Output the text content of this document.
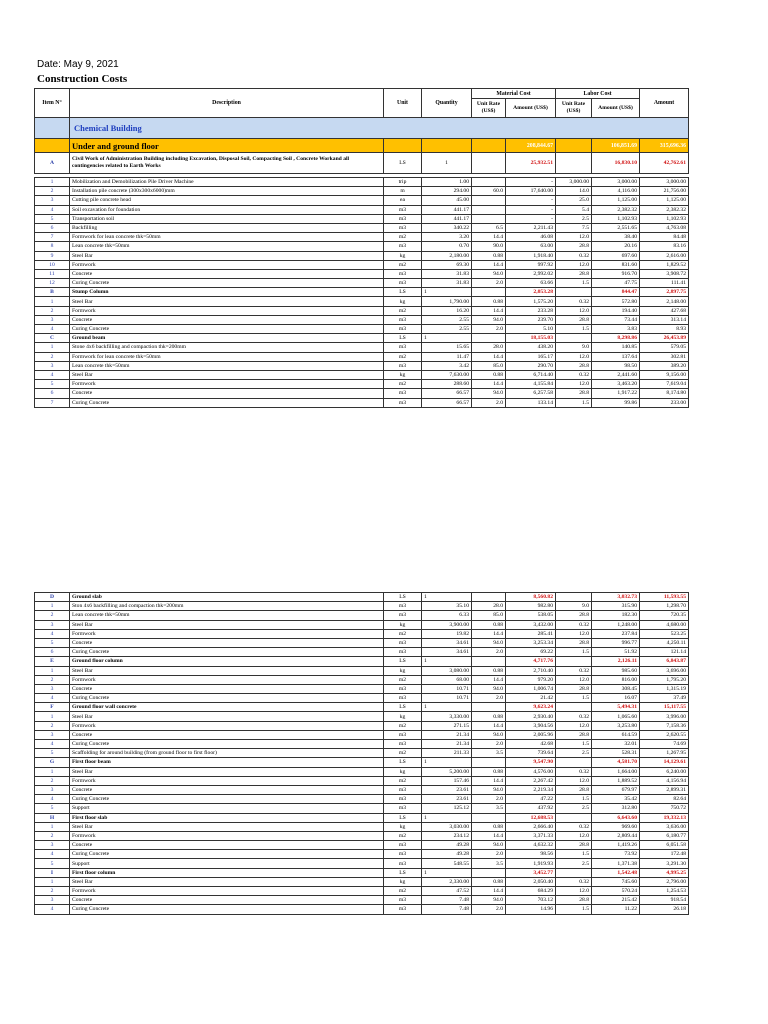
Date: May 9, 2021
Construction Costs
Item N°	Description	Unit	Quantity	Material Cost		Labor Cost		Amount
				Unit Rate (US$)	Amount (US$)	Unit Rate (US$)	Amount (US$)	
	Chemical Building							
	Under and ground floor				208,844.67		106,851.69	315,696.36
A	Civil Work of Administration Building including Excavation, Disposal Soil, Compacting Soil , Concrete Workand all contingencies related to Earth Works	LS	1		25,932.51		16,830.10	42,762.61

1	Mobilization and Demobilization Pile Driver Machine	trip	1.00		-	3,000.00	3,000.00	3,000.00
2	Installation pile concrete (300x300x6000)mm	m	294.00	60.0	17,640.00	14.0	4,116.00	21,756.00
3	Cutting pile concrete head	ea	45.00		-	25.0	1,125.00	1,125.00
4	Soil excavation for foundation	m3	441.17		-	5.4	2,382.32	2,382.32
5	Transportation soil	m3	441.17		-	2.5	1,102.93	1,102.93
6	Backfilling	m3	340.22	6.5	2,211.43	7.5	2,551.65	4,763.08
7	Formwork for lean concrete thk=50mm	m2	3.20	14.4	46.08	12.0	38.40	84.48
8	Lean concrete thk=50mm	m3	0.70	90.0	63.00	28.8	20.16	83.16
9	Steel Bar	kg	2,180.00	0.88	1,918.40	0.32	697.60	2,616.00
10	Formwork	m2	69.30	14.4	997.92	12.0	831.60	1,829.52
11	Concrete	m3	31.83	94.0	2,992.02	28.8	916.70	3,908.72
12	Curing Concrete	m3	31.83	2.0	63.66	1.5	47.75	111.41
B	Stump Column	LS	1		2,053.28		844.47	2,897.75
1	Steel Bar	kg	1,790.00	0.88	1,575.20	0.32	572.80	2,148.00
2	Formwork	m2	16.20	14.4	233.28	12.0	194.40	427.68
3	Concrete	m3	2.55	94.0	239.70	28.8	73.44	313.14
4	Curing Concrete	m3	2.55	2.0	5.10	1.5	3.83	8.93
C	Ground beam	LS	1		18,155.03		8,298.86	26,453.89
1	Stone 4x6 backfilling and compaction thk=200mm	m3	15.65	28.0	438.20	9.0	140.85	579.05
2	Formwork for lean concrete thk=50mm	m2	11.47	14.4	165.17	12.0	137.64	302.81
3	Lean concrete thk=50mm	m3	3.42	85.0	290.70	28.8	98.50	389.20
4	Steel Bar	kg	7,630.00	0.88	6,714.40	0.32	2,441.60	9,156.00
5	Formwork	m2	288.60	14.4	4,155.84	12.0	3,463.20	7,619.04
6	Concrete	m3	66.57	94.0	6,257.58	28.8	1,917.22	8,174.80
7	Curing Concrete	m3	66.57	2.0	133.14	1.5	99.86	233.00
D	Ground slab	LS	1		8,560.82		3,032.73	11,593.55
1	Ston 4x6 backfilling and compaction thk=200mm	m3	35.10	28.0	982.80	9.0	315.90	1,298.70
2	Lean concrete thk=50mm	m3	6.33	85.0	538.05	28.8	182.30	720.35
3	Steel Bar	kg	3,900.00	0.88	3,432.00	0.32	1,248.00	4,680.00
4	Formwork	m2	19.82	14.4	285.41	12.0	237.84	523.25
5	Concrete	m3	34.61	94.0	3,253.34	28.8	996.77	4,250.11
6	Curing Concrete	m3	34.61	2.0	69.22	1.5	51.92	121.14
E	Ground floor column	LS	1		4,717.76		2,126.11	6,843.87
1	Steel Bar	kg	3,080.00	0.88	2,710.40	0.32	985.60	3,696.00
2	Formwork	m2	68.00	14.4	979.20	12.0	816.00	1,795.20
3	Concrete	m3	10.71	94.0	1,006.74	28.8	308.45	1,315.19
4	Curing Concrete	m3	10.71	2.0	21.42	1.5	16.07	37.49
F	Ground floor wall concrete	LS	1		9,623.24		5,494.31	15,117.55
1	Steel Bar	kg	3,330.00	0.88	2,930.40	0.32	1,065.60	3,996.00
2	Formwork	m2	271.15	14.4	3,904.56	12.0	3,253.80	7,158.36
3	Concrete	m3	21.34	94.0	2,005.96	28.8	614.59	2,620.55
4	Curing Concrete	m3	21.34	2.0	42.68	1.5	32.01	74.69
5	Scaffolding for around building (from ground floor to first floor)	m2	211.33	3.5	739.64	2.5	528.31	1,267.95
G	First floor beam	LS	1		9,547.90		4,581.70	14,129.61
1	Steel Bar	kg	5,200.00	0.88	4,576.00	0.32	1,664.00	6,240.00
2	Formwork	m2	157.46	14.4	2,267.42	12.0	1,889.52	4,156.94
3	Concrete	m3	23.61	94.0	2,219.34	28.8	679.97	2,899.31
4	Curing Concrete	m3	23.61	2.0	47.22	1.5	35.42	82.64
5	Support	m3	125.12	3.5	437.92	2.5	312.80	750.72
H	First floor slab	LS	1		12,688.53		6,643.60	19,332.13
1	Steel Bar	kg	3,030.00	0.88	2,666.40	0.32	969.60	3,636.00
2	Formwork	m2	234.12	14.4	3,371.33	12.0	2,809.44	6,180.77
3	Concrete	m3	49.28	94.0	4,632.32	28.8	1,419.26	6,051.58
4	Curing Concrete	m3	49.28	2.0	98.56	1.5	73.92	172.48
5	Support	m3	548.55	3.5	1,919.93	2.5	1,371.38	3,291.30
I	First floor column	LS	1		3,452.77		1,542.48	4,995.25
1	Steel Bar	kg	2,330.00	0.88	2,050.40	0.32	745.60	2,796.00
2	Formwork	m2	47.52	14.4	684.29	12.0	570.24	1,254.53
3	Concrete	m3	7.48	94.0	703.12	28.8	215.42	918.54
4	Curing Concrete	m3	7.48	2.0	14.96	1.5	11.22	26.18
